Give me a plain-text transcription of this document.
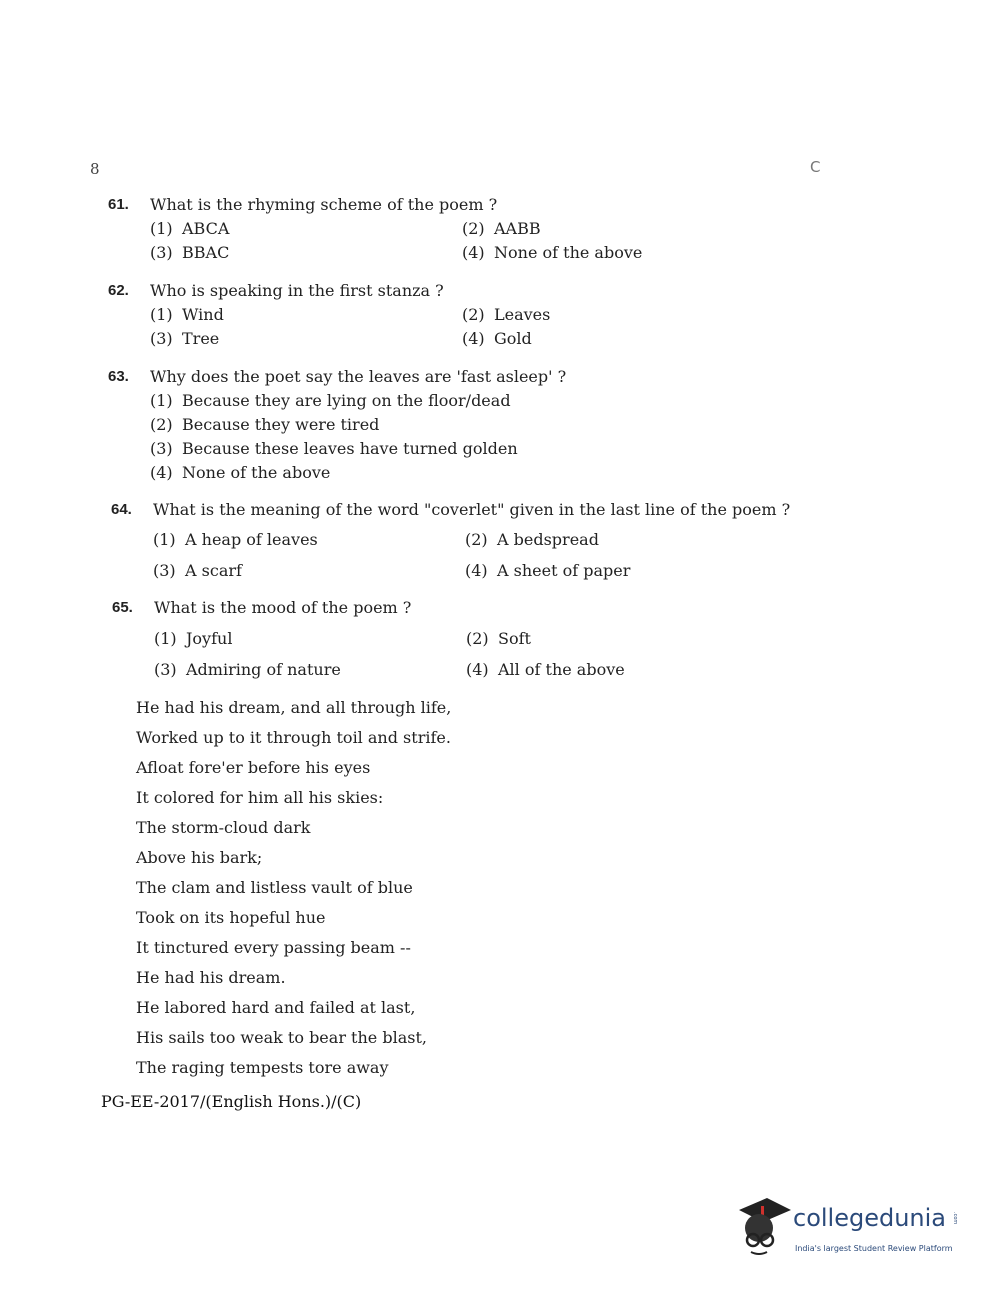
8	C
61.	What is the rhyming scheme of the poem ?
(1) ABCA	(2) AABB
(3) BBAC	(4) None of the above
62.	Who is speaking in the first stanza ?
(1) Wind	(2) Leaves
(3) Tree	(4) Gold
63.	Why does the poet say the leaves are 'fast asleep' ?
(1) Because they are lying on the floor/dead
(2) Because they were tired
(3) Because these leaves have turned golden
(4) None of the above
64.	What is the meaning of the word "coverlet" given in the last line of the poem ?
(1) A heap of leaves	(2) A bedspread
(3) A scarf	(4) A sheet of paper
65.	What is the mood of the poem ?
(1) Joyful	(2) Soft
(3) Admiring of nature	(4) All of the above
He had his dream, and all through life,
Worked up to it through toil and strife.
Afloat fore'er before his eyes
It colored for him all his skies:
The storm-cloud dark
Above his bark;
The clam and listless vault of blue
Took on its hopeful hue
It tinctured every passing beam --
He had his dream.
He labored hard and failed at last,
His sails too weak to bear the blast,
The raging tempests tore away
PG-EE-2017/(English Hons.)/(C)
collegedunia .com
India's largest Student Review Platform
